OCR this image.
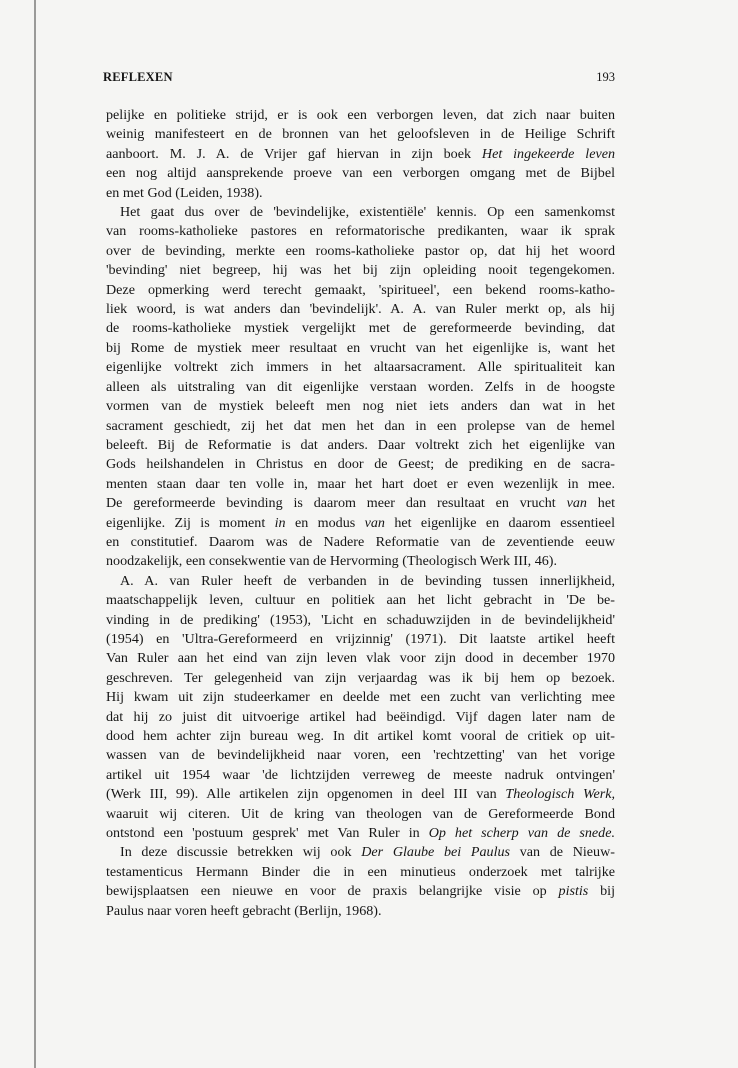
REFLEXEN	193
pelijke en politieke strijd, er is ook een verborgen leven, dat zich naar buiten
weinig manifesteert en de bronnen van het geloofsleven in de Heilige Schrift
aanboort. M. J. A. de Vrijer gaf hiervan in zijn boek Het ingekeerde leven
een nog altijd aansprekende proeve van een verborgen omgang met de Bijbel
en met God (Leiden, 1938).
Het gaat dus over de 'bevindelijke, existentiële' kennis. Op een samenkomst
van rooms-katholieke pastores en reformatorische predikanten, waar ik sprak
over de bevinding, merkte een rooms-katholieke pastor op, dat hij het woord
'bevinding' niet begreep, hij was het bij zijn opleiding nooit tegengekomen.
Deze opmerking werd terecht gemaakt, 'spiritueel', een bekend rooms-katho-
liek woord, is wat anders dan 'bevindelijk'. A. A. van Ruler merkt op, als hij
de rooms-katholieke mystiek vergelijkt met de gereformeerde bevinding, dat
bij Rome de mystiek meer resultaat en vrucht van het eigenlijke is, want het
eigenlijke voltrekt zich immers in het altaarsacrament. Alle spiritualiteit kan
alleen als uitstraling van dit eigenlijke verstaan worden. Zelfs in de hoogste
vormen van de mystiek beleeft men nog niet iets anders dan wat in het
sacrament geschiedt, zij het dat men het dan in een prolepse van de hemel
beleeft. Bij de Reformatie is dat anders. Daar voltrekt zich het eigenlijke van
Gods heilshandelen in Christus en door de Geest; de prediking en de sacra-
menten staan daar ten volle in, maar het hart doet er even wezenlijk in mee.
De gereformeerde bevinding is daarom meer dan resultaat en vrucht van het
eigenlijke. Zij is moment in en modus van het eigenlijke en daarom essentieel
en constitutief. Daarom was de Nadere Reformatie van de zeventiende eeuw
noodzakelijk, een consekwentie van de Hervorming (Theologisch Werk III, 46).
A. A. van Ruler heeft de verbanden in de bevinding tussen innerlijkheid,
maatschappelijk leven, cultuur en politiek aan het licht gebracht in 'De be-
vinding in de prediking' (1953), 'Licht en schaduwzijden in de bevindelijkheid'
(1954) en 'Ultra-Gereformeerd en vrijzinnig' (1971). Dit laatste artikel heeft
Van Ruler aan het eind van zijn leven vlak voor zijn dood in december 1970
geschreven. Ter gelegenheid van zijn verjaardag was ik bij hem op bezoek.
Hij kwam uit zijn studeerkamer en deelde met een zucht van verlichting mee
dat hij zo juist dit uitvoerige artikel had beëindigd. Vijf dagen later nam de
dood hem achter zijn bureau weg. In dit artikel komt vooral de critiek op uit-
wassen van de bevindelijkheid naar voren, een 'rechtzetting' van het vorige
artikel uit 1954 waar 'de lichtzijden verreweg de meeste nadruk ontvingen'
(Werk III, 99). Alle artikelen zijn opgenomen in deel III van Theologisch Werk,
waaruit wij citeren. Uit de kring van theologen van de Gereformeerde Bond
ontstond een 'postuum gesprek' met Van Ruler in Op het scherp van de snede.
In deze discussie betrekken wij ook Der Glaube bei Paulus van de Nieuw-
testamenticus Hermann Binder die in een minutieus onderzoek met talrijke
bewijsplaatsen een nieuwe en voor de praxis belangrijke visie op pistis bij
Paulus naar voren heeft gebracht (Berlijn, 1968).
